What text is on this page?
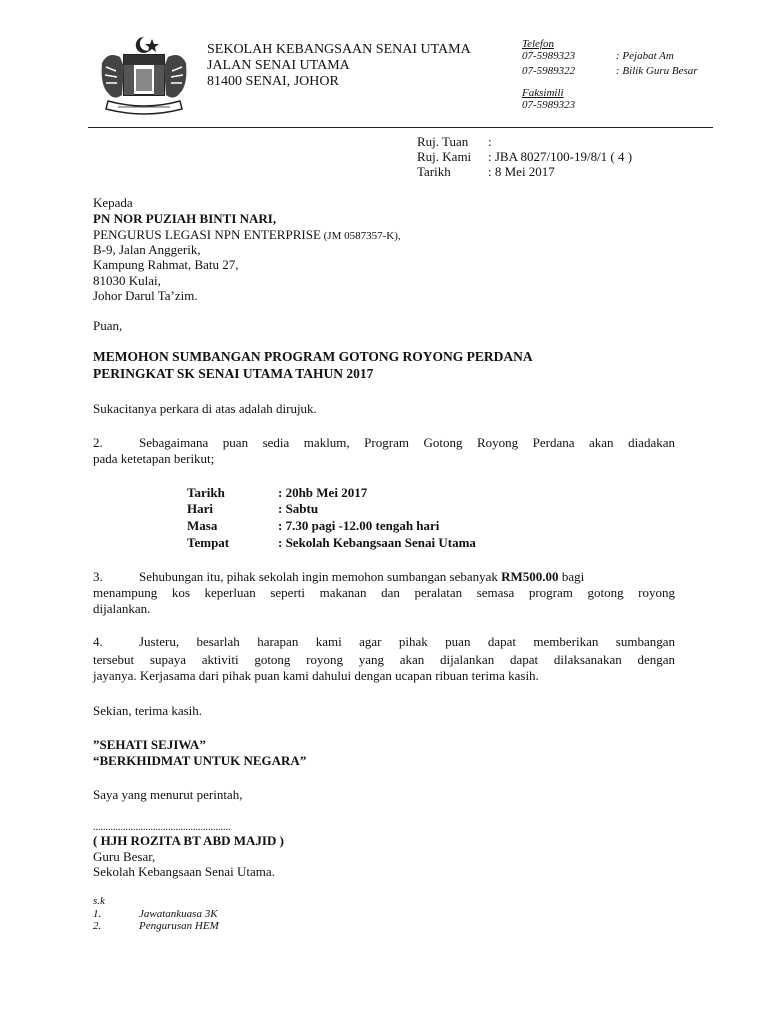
SEKOLAH KEBANGSAAN SENAI UTAMA
JALAN SENAI UTAMA
81400 SENAI, JOHOR
Telefon
07-5989323	: Pejabat Am
07-5989322	: Bilik Guru Besar
Faksimili
07-5989323
Ruj. Tuan :
Ruj. Kami : JBA 8027/100-19/8/1 ( 4 )
Tarikh	: 8 Mei 2017
Kepada
PN NOR PUZIAH BINTI NARI,
PENGURUS LEGASI NPN ENTERPRISE (JM 0587357-K),
B-9, Jalan Anggerik,
Kampung Rahmat, Batu 27,
81030 Kulai,
Johor Darul Ta’zim.
Puan,
MEMOHON SUMBANGAN PROGRAM GOTONG ROYONG PERDANA
PERINGKAT SK SENAI UTAMA TAHUN 2017
Sukacitanya perkara di atas adalah dirujuk.
2.	Sebagaimana puan sedia maklum, Program Gotong Royong Perdana akan diadakan
pada ketetapan berikut;
Tarikh	: 20hb Mei 2017
Hari	: Sabtu
Masa	: 7.30 pagi -12.00 tengah hari
Tempat	: Sekolah Kebangsaan Senai Utama
3.	Sehubungan itu, pihak sekolah ingin memohon sumbangan sebanyak RM500.00 bagi
menampung kos keperluan seperti makanan dan peralatan semasa program gotong royong
dijalankan.
4.	Justeru, besarlah harapan kami agar pihak puan dapat memberikan sumbangan
tersebut supaya aktiviti gotong royong yang akan dijalankan dapat dilaksanakan dengan
jayanya. Kerjasama dari pihak puan kami dahului dengan ucapan ribuan terima kasih.
Sekian, terima kasih.
”SEHATI SEJIWA”
“BERKHIDMAT UNTUK NEGARA”
Saya yang menurut perintah,
.......................................................
( HJH ROZITA BT ABD MAJID )
Guru Besar,
Sekolah Kebangsaan Senai Utama.
s.k
1.	Jawatankuasa 3K
2.	Pengurusan HEM
